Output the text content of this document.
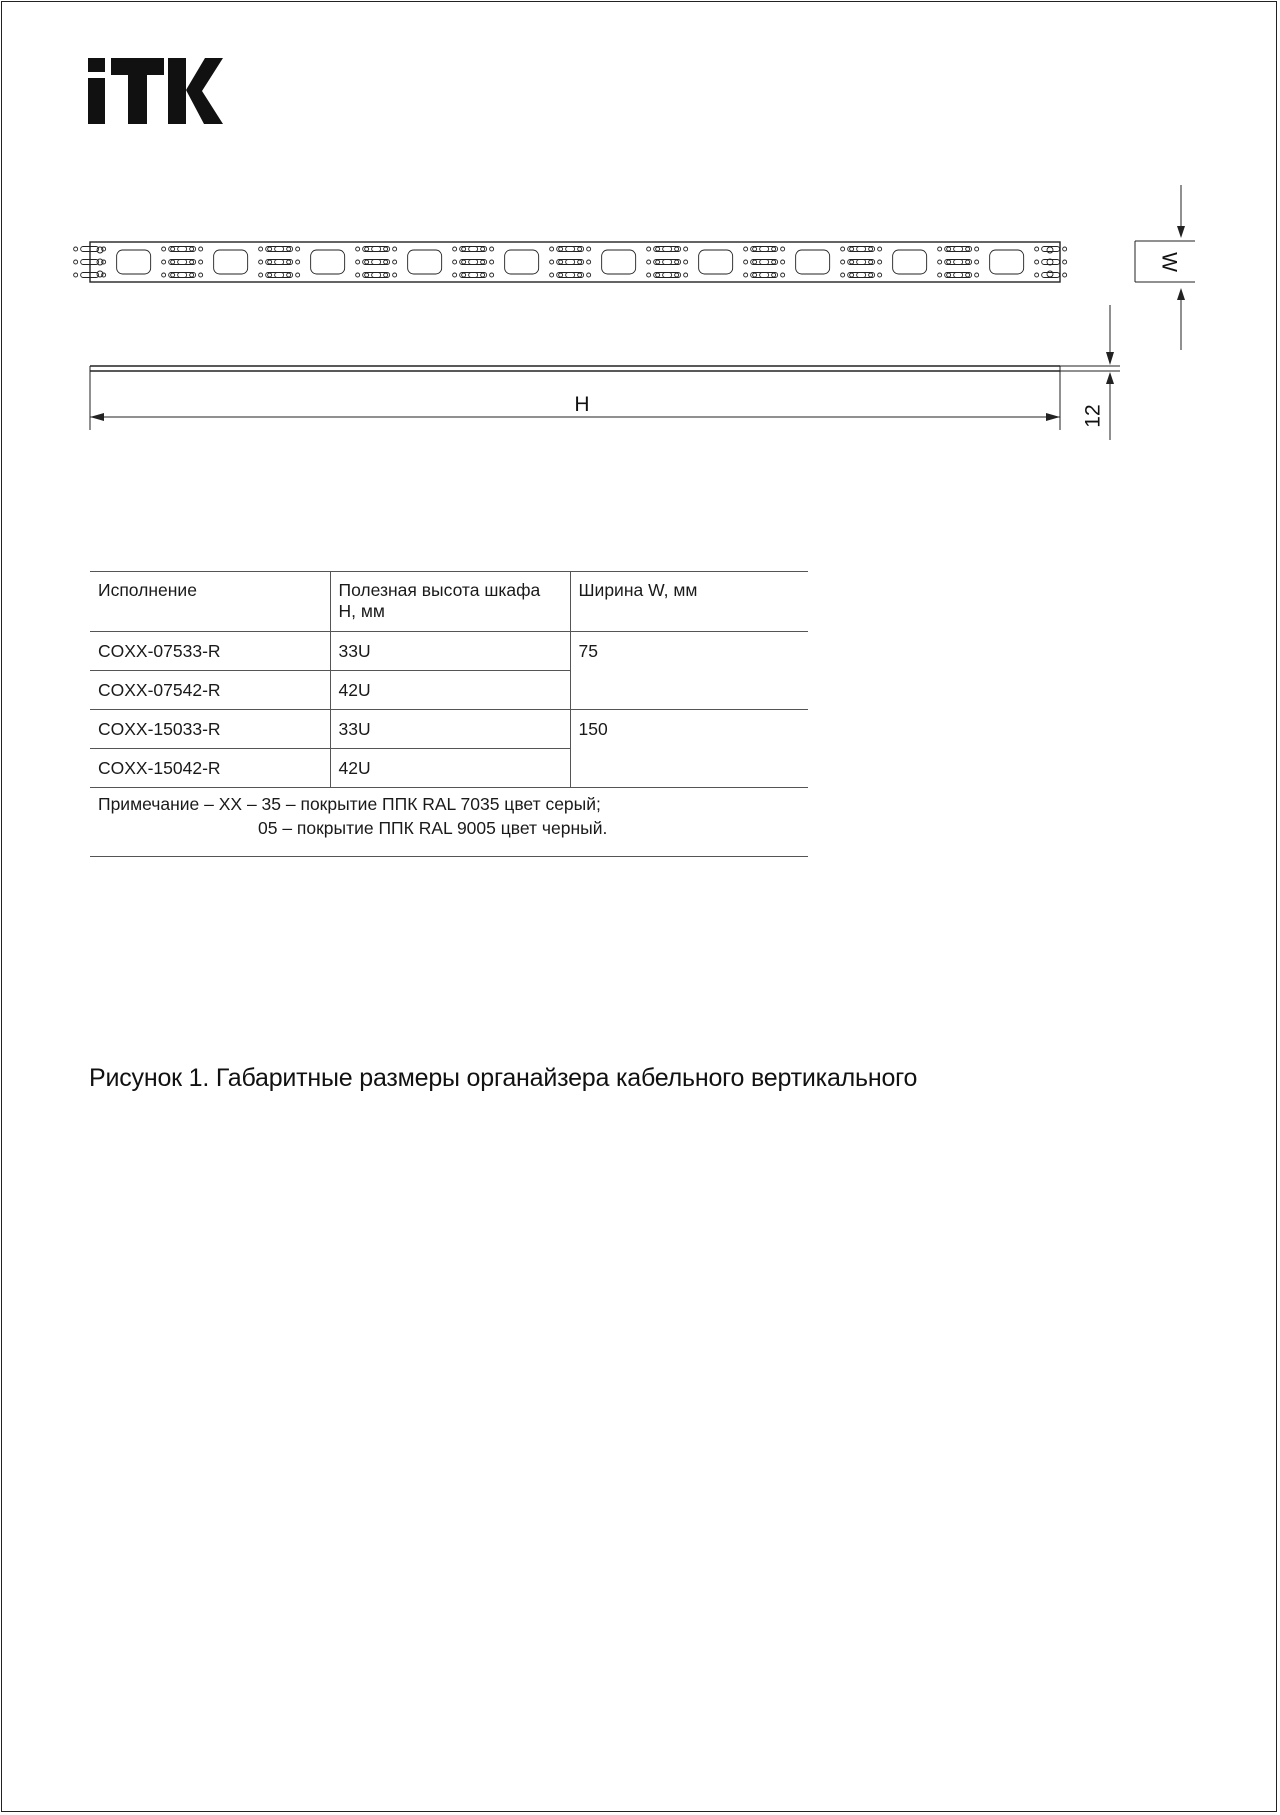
W
H	12
Исполнение	Полезная высота шкафа H, мм	Ширина W, мм
COXX-07533-R	33U	75
COXX-07542-R	42U	
COXX-15033-R	33U	150
COXX-15042-R	42U	
Примечание – XX – 35 – покрытие ППК RAL 7035 цвет серый;
05 – покрытие ППК RAL 9005 цвет черный.
Рисунок 1. Габаритные размеры органайзера кабельного вертикального
